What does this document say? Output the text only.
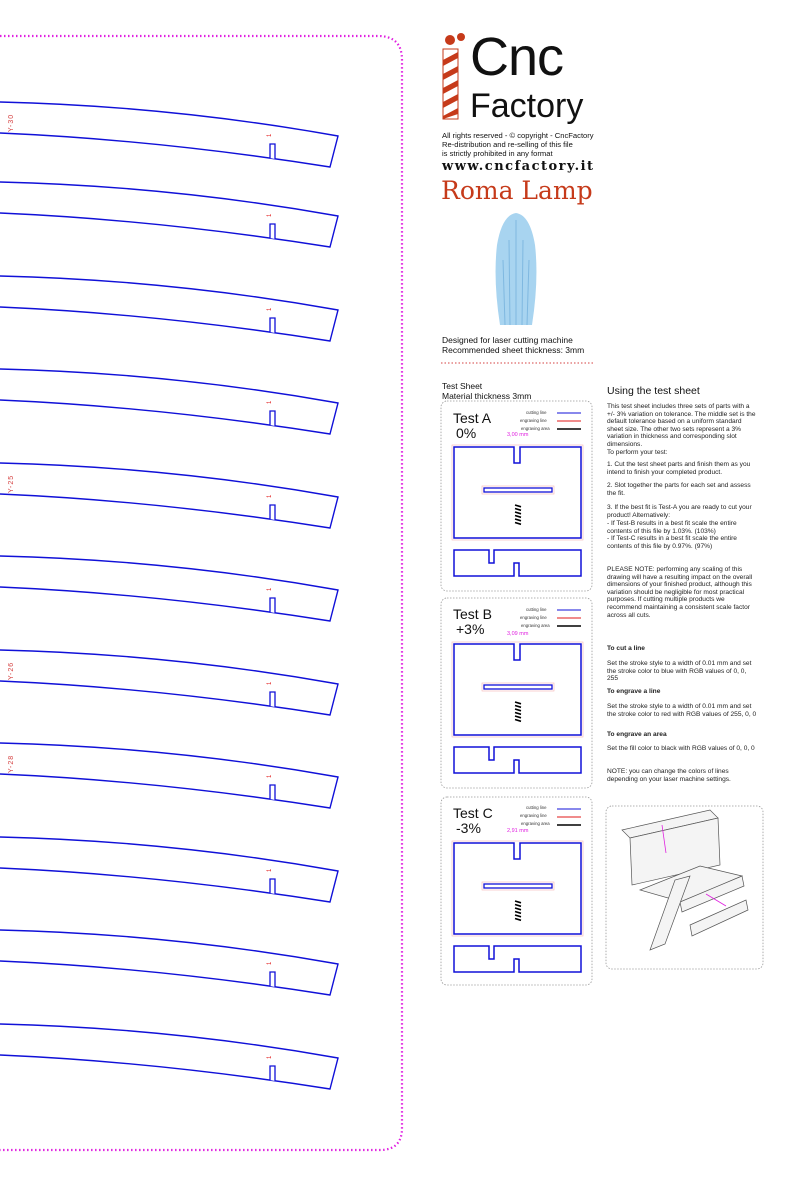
1
1
1
1
1
1
1
1
1
1
1
Y-30
Y-25
Y-26
Y-28
Cnc
Factory
All rights reserved - © copyright - CncFactory
Re-distribution and re-selling of this file
is strictly prohibited in any format
www.cncfactory.it
Roma Lamp
Designed for laser cutting machine
Recommended sheet thickness: 3mm
Test Sheet
Material thickness 3mm
Test A
0%	3,00 mm
Test B
+3%	3,09 mm
Test C
-3%	2,91 mm
cutting line
engraving line
engraving area
cutting line
engraving line
engraving area
cutting line
engraving line
engraving area
Using the test sheet
This test sheet includes three sets of parts with a +/- 3% variation on tolerance. The middle set is the default tolerance based on a uniform standard sheet size. The other two sets represent a 3% variation in thickness and corresponding slot dimensions.
To perform your test:
1. Cut the test sheet parts and finish them as you intend to finish your completed product.
2. Slot together the parts for each set and assess the fit.
3. If the best fit is Test-A you are ready to cut your product! Alternatively:
- If Test-B results in a best fit scale the entire contents of this file by 1.03%. (103%)
- If Test-C results in a best fit scale the entire contents of this file by 0.97%. (97%)
PLEASE NOTE: performing any scaling of this drawing will have a resulting impact on the overall dimensions of your finished product, although this variation should be negligible for most practical purposes. If cutting multiple products we recommend maintaining a consistent scale factor across all cuts.
To cut a line
Set the stroke style to a width of 0.01 mm and set the stroke color to blue with RGB values of 0, 0, 255
To engrave a line
Set the stroke style to a width of 0.01 mm and set the stroke color to red with RGB values of 255, 0, 0
To engrave an area
Set the fill color to black with RGB values of 0, 0, 0
NOTE: you can change the colors of lines depending on your laser machine settings.
